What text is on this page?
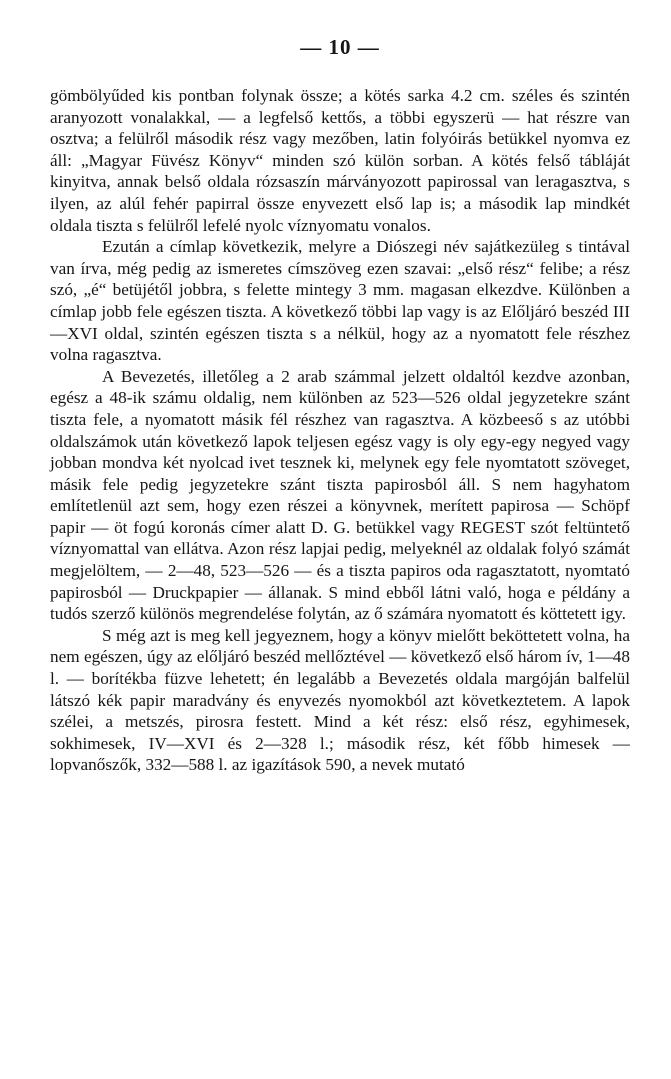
— 10 —

gömbölyűded kis pontban folynak össze; a kötés sarka 4.2 cm. széles és szintén aranyozott vonalakkal, — a legfelső kettős, a többi egyszerü — hat részre van osztva; a felülről második rész vagy mezőben, latin folyóirás betükkel nyomva ez áll: „Magyar Füvész Könyv“ minden szó külön sorban. A kötés felső tábláját kinyitva, annak belső oldala rózsaszín márványozott papirossal van leragasztva, s ilyen, az alúl fehér papirral össze enyvezett első lap is; a második lap mindkét oldala tiszta s felülről lefelé nyolc víznyomatu vonalos.

Ezután a címlap következik, melyre a Diószegi név sajátkezüleg s tintával van írva, még pedig az ismeretes címszöveg ezen szavai: „első rész“ felibe; a rész szó, „é“ betüjétől jobbra, s felette mintegy 3 mm. magasan elkezdve. Különben a címlap jobb fele egészen tiszta. A következő többi lap vagy is az Előljáró beszéd III—XVI oldal, szintén egészen tiszta s a nélkül, hogy az a nyomatott fele részhez volna ragasztva.

A Bevezetés, illetőleg a 2 arab számmal jelzett oldaltól kezdve azonban, egész a 48-ik számu oldalig, nem különben az 523—526 oldal jegyzetekre szánt tiszta fele, a nyomatott másik fél részhez van ragasztva. A közbeeső s az utóbbi oldalszámok után következő lapok teljesen egész vagy is oly egy-egy negyed vagy jobban mondva két nyolcad ivet tesznek ki, melynek egy fele nyomtatott szöveget, másik fele pedig jegyzetekre szánt tiszta papirosból áll. S nem hagyhatom említetlenül azt sem, hogy ezen részei a könyvnek, merített papirosa — Schöpf papir — öt fogú koronás címer alatt D. G. betükkel vagy REGEST szót feltüntető víznyomattal van ellátva. Azon rész lapjai pedig, melyeknél az oldalak folyó számát megjelöltem, — 2—48, 523—526 — és a tiszta papiros oda ragasztatott, nyomtató papirosból — Druckpapier — állanak. S mind ebből látni való, hoga e példány a tudós szerző különös megrendelése folytán, az ő számára nyomatott és köttetett igy.

S még azt is meg kell jegyeznem, hogy a könyv mielőtt beköttetett volna, ha nem egészen, úgy az előljáró beszéd mellőztével — következő első három ív, 1—48 l. — borítékba füzve lehetett; én legalább a Bevezetés oldala margóján balfelül látszó kék papir maradvány és enyvezés nyomokból azt következtetem. A lapok szélei, a metszés, pirosra festett. Mind a két rész: első rész, egyhimesek, sokhimesek, IV—XVI és 2—328 l.; második rész, két főbb himesek — lopvanőszők, 332—588 l. az igazítások 590, a nevek mutató
